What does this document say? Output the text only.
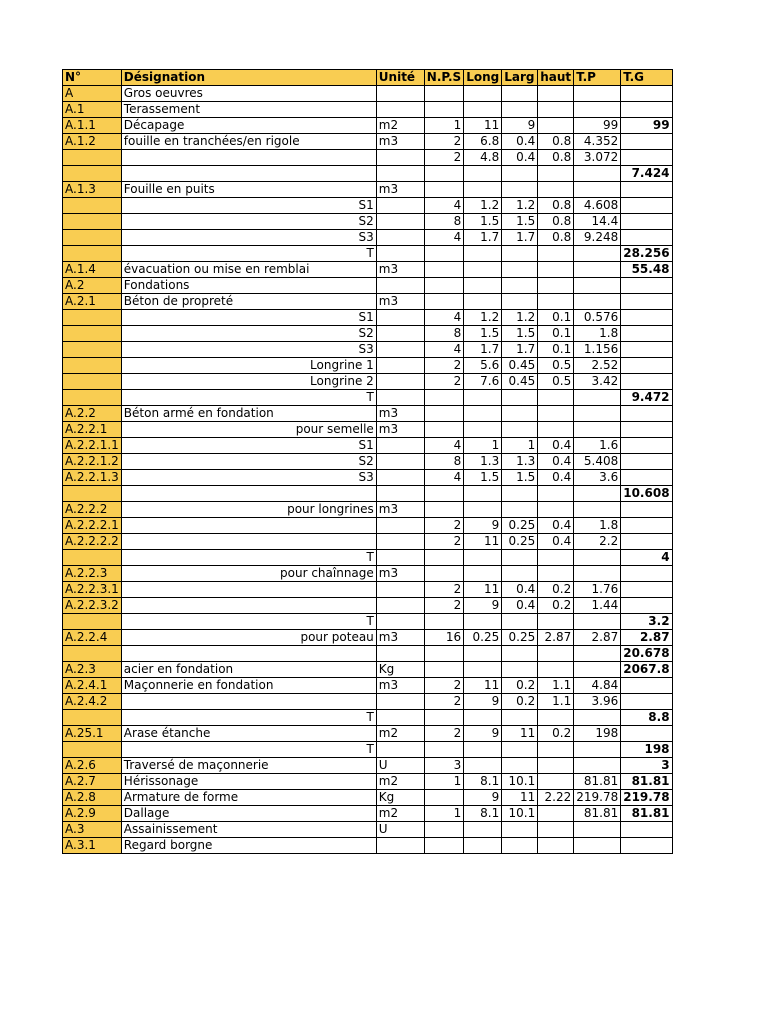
N°	Désignation	Unité	N.P.S	Long	Larg	haut	T.P	T.G
A	Gros oeuvres							
A.1	Terassement							
A.1.1	Décapage	m2	1	11	9		99	99
A.1.2	fouille en tranchées/en rigole	m3	2	6.8	0.4	0.8	4.352	
			2	4.8	0.4	0.8	3.072	
								7.424
A.1.3	Fouille en puits	m3						
	S1		4	1.2	1.2	0.8	4.608	
	S2		8	1.5	1.5	0.8	14.4	
	S3		4	1.7	1.7	0.8	9.248	
	T							28.256
A.1.4	évacuation ou mise en remblai	m3						55.48
A.2	Fondations							
A.2.1	Béton de propreté	m3						
	S1		4	1.2	1.2	0.1	0.576	
	S2		8	1.5	1.5	0.1	1.8	
	S3		4	1.7	1.7	0.1	1.156	
	Longrine 1		2	5.6	0.45	0.5	2.52	
	Longrine 2		2	7.6	0.45	0.5	3.42	
	T							9.472
A.2.2	Béton armé en fondation	m3						
A.2.2.1	pour semelle	m3						
A.2.2.1.1	S1		4	1	1	0.4	1.6	
A.2.2.1.2	S2		8	1.3	1.3	0.4	5.408	
A.2.2.1.3	S3		4	1.5	1.5	0.4	3.6	
								10.608
A.2.2.2	pour longrines	m3						
A.2.2.2.1			2	9	0.25	0.4	1.8	
A.2.2.2.2			2	11	0.25	0.4	2.2	
	T							4
A.2.2.3	pour chaînnage	m3						
A.2.2.3.1			2	11	0.4	0.2	1.76	
A.2.2.3.2			2	9	0.4	0.2	1.44	
	T							3.2
A.2.2.4	pour poteau	m3	16	0.25	0.25	2.87	2.87	2.87
								20.678
A.2.3	acier en fondation	Kg						2067.8
A.2.4.1	Maçonnerie en fondation	m3	2	11	0.2	1.1	4.84	
A.2.4.2			2	9	0.2	1.1	3.96	
	T							8.8
A.25.1	Arase étanche	m2	2	9	11	0.2	198	
	T							198
A.2.6	Traversé de maçonnerie	U	3					3
A.2.7	Hérissonage	m2	1	8.1	10.1		81.81	81.81
A.2.8	Armature de forme	Kg		9	11	2.22	219.78	219.78
A.2.9	Dallage	m2	1	8.1	10.1		81.81	81.81
A.3	Assainissement	U						
A.3.1	Regard borgne							
